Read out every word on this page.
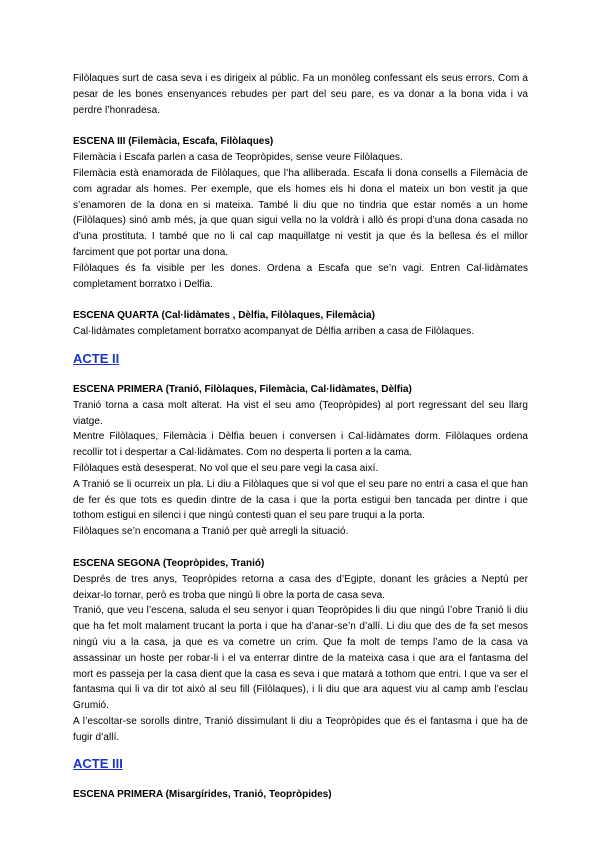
Filòlaques surt de casa seva i es dirigeix al públic. Fa un monòleg confessant els seus errors. Com a pesar de les bones ensenyances rebudes per part del seu pare, es va donar a la bona vida i va perdre l’honradesa.

ESCENA III (Filemàcia, Escafa, Filòlaques)

Filemàcia i Escafa parlen a casa de Teopròpides, sense veure Filòlaques.

Filemàcia està enamorada de Filòlaques, que l’ha alliberada. Escafa li dona consells a Filemàcia de com agradar als homes. Per exemple, que els homes els hi dona el mateix un bon vestit ja que s’enamoren de la dona en si mateixa. També li diu que no tindria que estar només a un home (Filòlaques) sinó amb més, ja que quan sigui vella no la voldrà i allò és propi d’una dona casada no d’una prostituta. I també que no li cal cap maquillatge ni vestit ja que és la bellesa és el millor farciment que pot portar una dona.

Filòlaques és fa visible per les dones. Ordena a Escafa que se’n vagi. Entren Cal·lidàmates completament borratxo i Delfia.

ESCENA QUARTA (Cal·lidàmates , Dèlfia, Filòlaques, Filemàcia)

Cal·lidàmates completament borratxo acompanyat de Dèlfia arriben a casa de Filòlaques.

ACTE II
ESCENA PRIMERA (Tranió, Filòlaques, Filemàcia, Cal·lidàmates, Dèlfia)

Tranió torna a casa molt alterat. Ha vist el seu amo (Teopròpides) al port regressant del seu llarg viatge.

Mentre Filòlaques, Filemàcia i Dèlfia beuen i conversen i Cal·lidàmates dorm. Filòlaques ordena recollir tot i despertar a Cal·lidàmates. Com no desperta li porten a la cama.

Filòlaques està desesperat. No vol que el seu pare vegi la casa així.

A Tranió se li ocurreix un pla. Li diu a Filòlaques que si vol que el seu pare no entri a casa el que han de fer és que tots es quedin dintre de la casa i que la porta estigui ben tancada per dintre i que tothom estigui en silenci i que ningú contesti quan el seu pare truqui a la porta.

Filòlaques se’n encomana a Tranió per què arregli la situació.

ESCENA SEGONA (Teopròpides, Tranió)

Després de tres anys, Teopròpides retorna a casa des d’Egipte, donant les gràcies a Neptú per deixar-lo tornar, però es troba que ningú li obre la porta de casa seva.

Tranió, que veu l’escena, saluda el seu senyor i quan Teopròpides li diu que ningú l’obre Tranió li diu que ha fet molt malament trucant la porta i que ha d’anar-se’n d’allí. Li diu que des de fa set mesos ningú viu a la casa, ja que es va cometre un crim. Que fa molt de temps l’amo de la casa va assassinar un hoste per robar-li i el va enterrar dintre de la mateixa casa i que ara el fantasma del mort es passeja per la casa dient que la casa es seva i que matarà a tothom que entri. I que va ser el fantasma qui li va dir tot això al seu fill (Filòlaques), i li diu que ara aquest viu al camp amb l’esclau Grumió.

A l’escoltar-se sorolls dintre, Tranió dissimulant li diu a Teopròpides que és el fantasma i que ha de fugir d’allí.

ACTE III
ESCENA PRIMERA (Misargírides, Tranió, Teopròpides)
